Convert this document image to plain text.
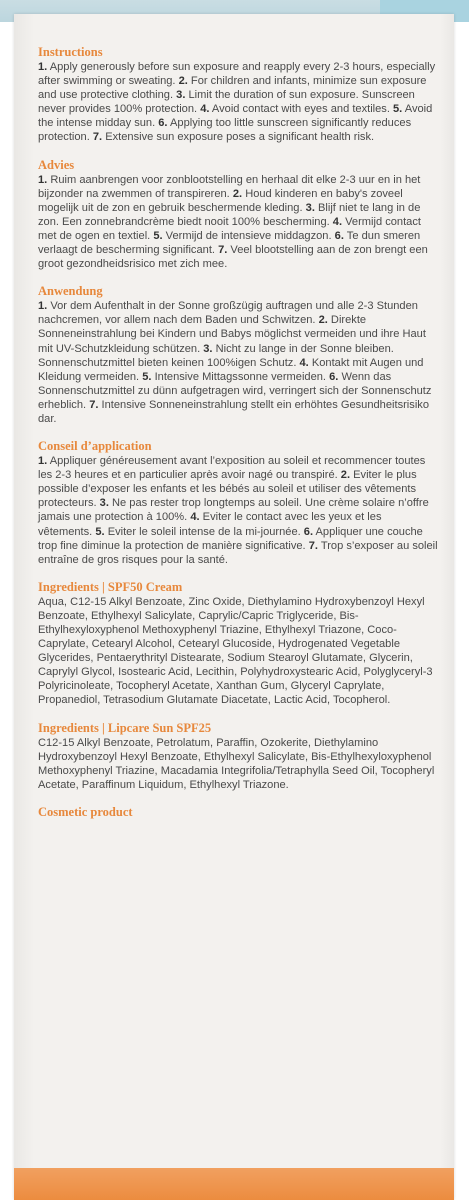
Instructions

1. Apply generously before sun exposure and reapply every 2-3 hours, especially after swimming or sweating. 2. For children and infants, minimize sun exposure and use protective clothing. 3. Limit the duration of sun exposure. Sunscreen never provides 100% protection. 4. Avoid contact with eyes and textiles. 5. Avoid the intense midday sun. 6. Applying too little sunscreen significantly reduces protection. 7. Extensive sun exposure poses a significant health risk.

Advies

1. Ruim aanbrengen voor zonblootstelling en herhaal dit elke 2-3 uur en in het bijzonder na zwemmen of transpireren. 2. Houd kinderen en baby's zoveel mogelijk uit de zon en gebruik beschermende kleding. 3. Blijf niet te lang in de zon. Een zonnebrandcrème biedt nooit 100% bescherming. 4. Vermijd contact met de ogen en textiel. 5. Vermijd de intensieve middagzon. 6. Te dun smeren verlaagt de bescherming significant. 7. Veel blootstelling aan de zon brengt een groot gezondheidsrisico met zich mee.

Anwendung

1. Vor dem Aufenthalt in der Sonne großzügig auftragen und alle 2-3 Stunden nachcremen, vor allem nach dem Baden und Schwitzen. 2. Direkte Sonneneinstrahlung bei Kindern und Babys möglichst vermeiden und ihre Haut mit UV-Schutzkleidung schützen. 3. Nicht zu lange in der Sonne bleiben. Sonnenschutzmittel bieten keinen 100%igen Schutz. 4. Kontakt mit Augen und Kleidung vermeiden. 5. Intensive Mittagssonne vermeiden. 6. Wenn das Sonnenschutzmittel zu dünn aufgetragen wird, verringert sich der Sonnenschutz erheblich. 7. Intensive Sonneneinstrahlung stellt ein erhöhtes Gesundheitsrisiko dar.

Conseil d’application

1. Appliquer généreusement avant l’exposition au soleil et recommencer toutes les 2-3 heures et en particulier après avoir nagé ou transpiré. 2. Eviter le plus possible d’exposer les enfants et les bébés au soleil et utiliser des vêtements protecteurs. 3. Ne pas rester trop longtemps au soleil. Une crème solaire n’offre jamais une protection à 100%. 4. Eviter le contact avec les yeux et les vêtements. 5. Eviter le soleil intense de la mi-journée. 6. Appliquer une couche trop fine diminue la protection de manière significative. 7. Trop s’exposer au soleil entraîne de gros risques pour la santé.

Ingredients | SPF50 Cream

Aqua, C12-15 Alkyl Benzoate, Zinc Oxide, Diethylamino Hydroxybenzoyl Hexyl Benzoate, Ethylhexyl Salicylate, Caprylic/Capric Triglyceride, Bis-Ethylhexyloxyphenol Methoxyphenyl Triazine, Ethylhexyl Triazone, Coco-Caprylate, Cetearyl Alcohol, Cetearyl Glucoside, Hydrogenated Vegetable Glycerides, Pentaerythrityl Distearate, Sodium Stearoyl Glutamate, Glycerin, Caprylyl Glycol, Isostearic Acid, Lecithin, Polyhydroxystearic Acid, Polyglyceryl-3 Polyricinoleate, Tocopheryl Acetate, Xanthan Gum, Glyceryl Caprylate, Propanediol, Tetrasodium Glutamate Diacetate, Lactic Acid, Tocopherol.

Ingredients | Lipcare Sun SPF25

C12-15 Alkyl Benzoate, Petrolatum, Paraffin, Ozokerite, Diethylamino Hydroxybenzoyl Hexyl Benzoate, Ethylhexyl Salicylate, Bis-Ethylhexyloxyphenol Methoxyphenyl Triazine, Macadamia Integrifolia/Tetraphylla Seed Oil, Tocopheryl Acetate, Paraffinum Liquidum, Ethylhexyl Triazone.

Cosmetic product
